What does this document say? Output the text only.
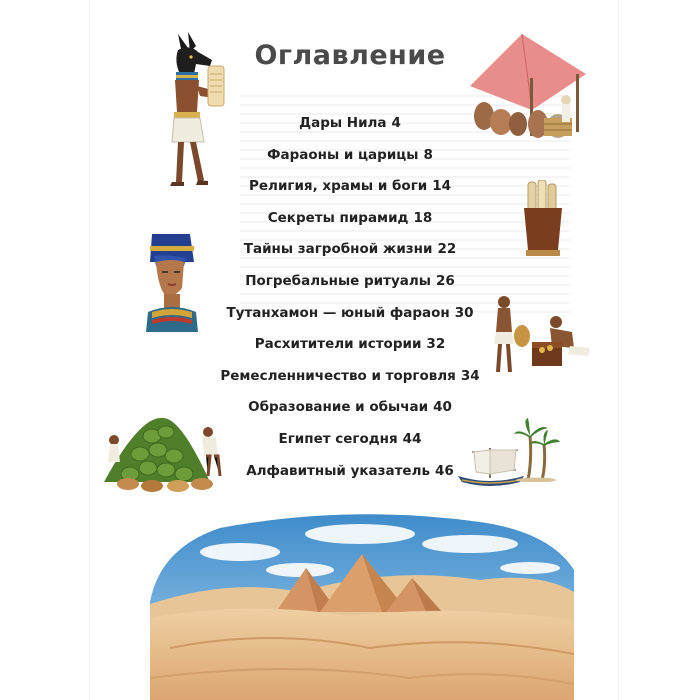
Оглавление
Дары Нила 4
Фараоны и царицы 8
Религия, храмы и боги 14
Секреты пирамид 18
Тайны загробной жизни 22
Погребальные ритуалы 26
Тутанхамон — юный фараон 30
Расхитители истории 32
Ремесленничество и торговля 34
Образование и обычаи 40
Египет сегодня 44
Алфавитный указатель 46
